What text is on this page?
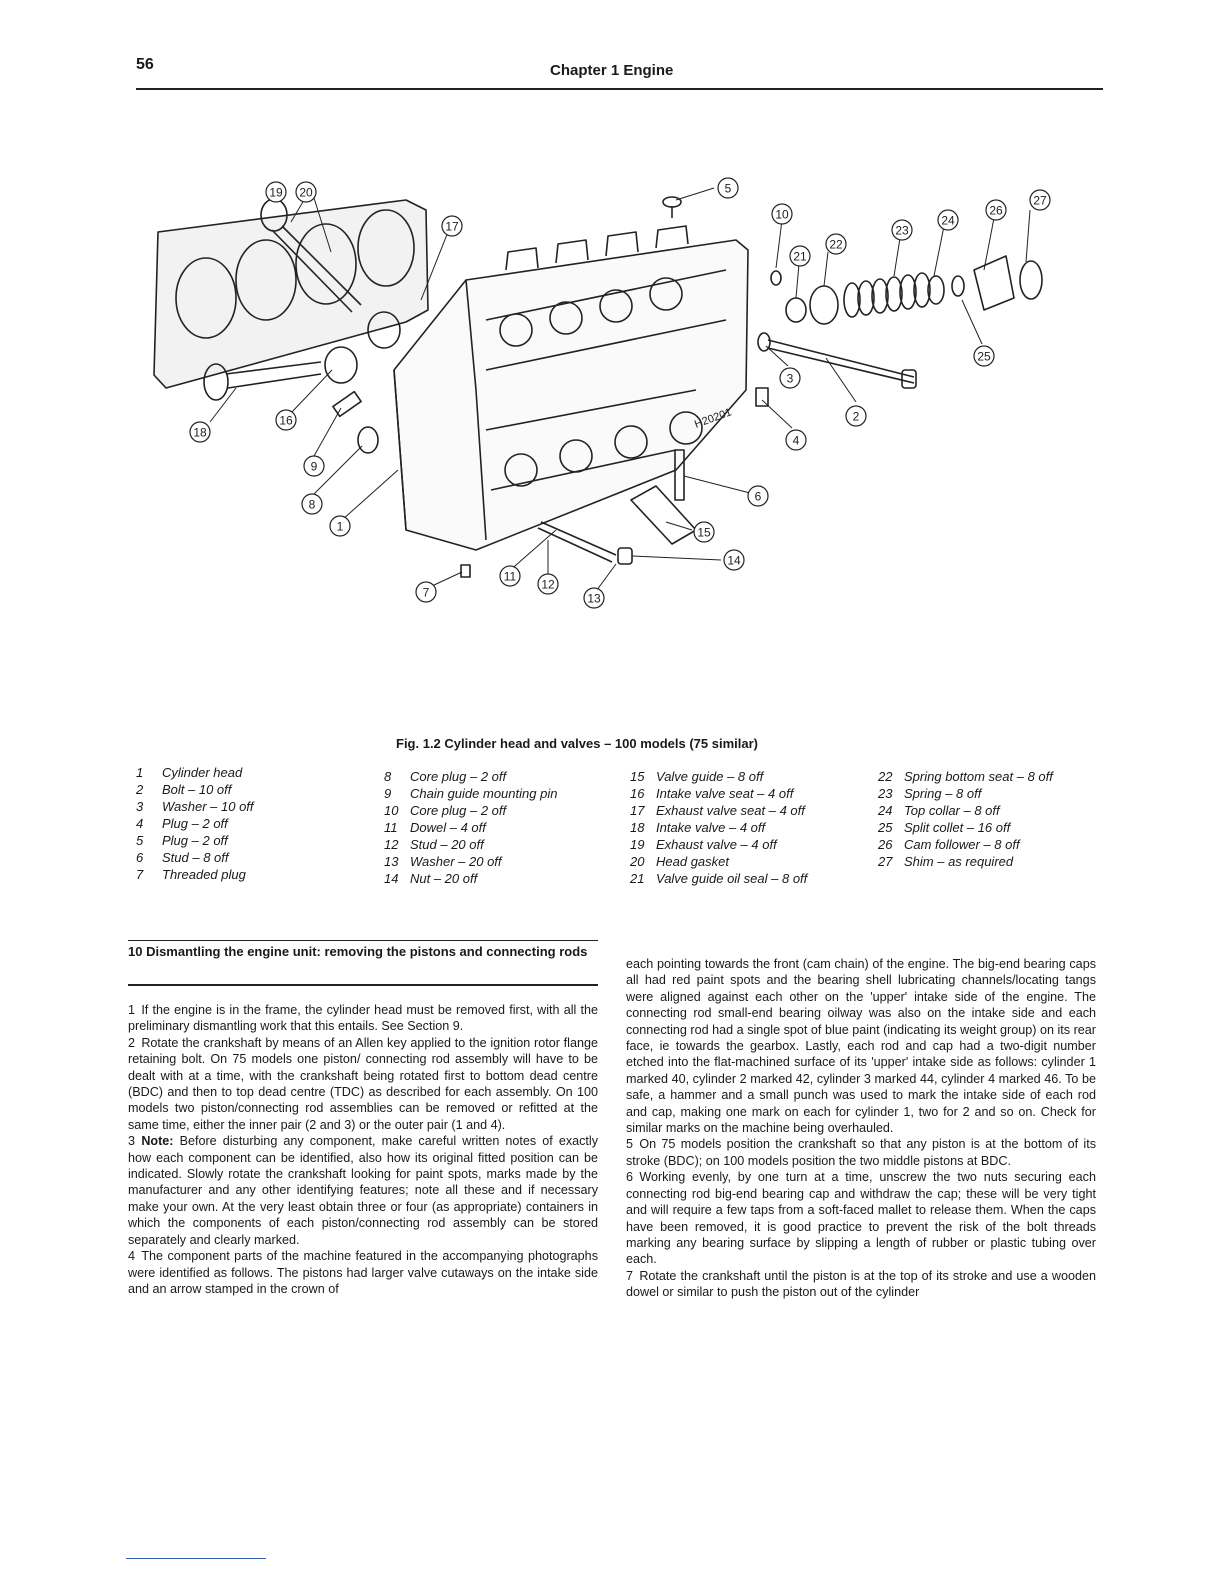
56	Chapter 1 Engine
H20201
1
2
3
4
5
6
7
8
9
10
11
12
13
14
15
16
17
18
19 20
21
22
23
24
25
26
27
Fig. 1.2 Cylinder head and valves – 100 models (75 similar)
1 Cylinder head
2 Bolt – 10 off
3 Washer – 10 off
4 Plug – 2 off
5 Plug – 2 off
6 Stud – 8 off
7 Threaded plug
8 Core plug – 2 off
9 Chain guide mounting pin
10 Core plug – 2 off
11 Dowel – 4 off
12 Stud – 20 off
13 Washer – 20 off
14 Nut – 20 off
15 Valve guide – 8 off
16 Intake valve seat – 4 off
17 Exhaust valve seat – 4 off
18 Intake valve – 4 off
19 Exhaust valve – 4 off
20 Head gasket
21 Valve guide oil seal – 8 off
22 Spring bottom seat – 8 off
23 Spring – 8 off
24 Top collar – 8 off
25 Split collet – 16 off
26 Cam follower – 8 off
27 Shim – as required
10 Dismantling the engine unit: removing the pistons and connecting rods

1  If the engine is in the frame, the cylinder head must be removed first, with all the preliminary dismantling work that this entails. See Section 9.

2  Rotate the crankshaft by means of an Allen key applied to the ignition rotor flange retaining bolt. On 75 models one piston/ connecting rod assembly will have to be dealt with at a time, with the crankshaft being rotated first to bottom dead centre (BDC) and then to top dead centre (TDC) as described for each assembly. On 100 models two piston/connecting rod assemblies can be removed or refitted at the same time, either the inner pair (2 and 3) or the outer pair (1 and 4).

3  Note: Before disturbing any component, make careful written notes of exactly how each component can be identified, also how its original fitted position can be indicated. Slowly rotate the crankshaft looking for paint spots, marks made by the manufacturer and any other identifying features; note all these and if necessary make your own. At the very least obtain three or four (as appropriate) containers in which the components of each piston/connecting rod assembly can be stored separately and clearly marked.

4  The component parts of the machine featured in the accompanying photographs were identified as follows. The pistons had larger valve cutaways on the intake side and an arrow stamped in the crown of

each pointing towards the front (cam chain) of the engine. The big-end bearing caps all had red paint spots and the bearing shell lubricating channels/locating tangs were aligned against each other on the 'upper' intake side of the engine. The connecting rod small-end bearing oilway was also on the intake side and each connecting rod had a single spot of blue paint (indicating its weight group) on its rear face, ie towards the gearbox. Lastly, each rod and cap had a two-digit number etched into the flat-machined surface of its 'upper' intake side as follows: cylinder 1 marked 40, cylinder 2 marked 42, cylinder 3 marked 44, cylinder 4 marked 46. To be safe, a hammer and a small punch was used to mark the intake side of each rod and cap, making one mark on each for cylinder 1, two for 2 and so on. Check for similar marks on the machine being overhauled.

5  On 75 models position the crankshaft so that any piston is at the bottom of its stroke (BDC); on 100 models position the two middle pistons at BDC.

6  Working evenly, by one turn at a time, unscrew the two nuts securing each connecting rod big-end bearing cap and withdraw the cap; these will be very tight and will require a few taps from a soft-faced mallet to release them. When the caps have been removed, it is good practice to prevent the risk of the bolt threads marking any bearing surface by slipping a length of rubber or plastic tubing over each.

7  Rotate the crankshaft until the piston is at the top of its stroke and use a wooden dowel or similar to push the piston out of the cylinder
